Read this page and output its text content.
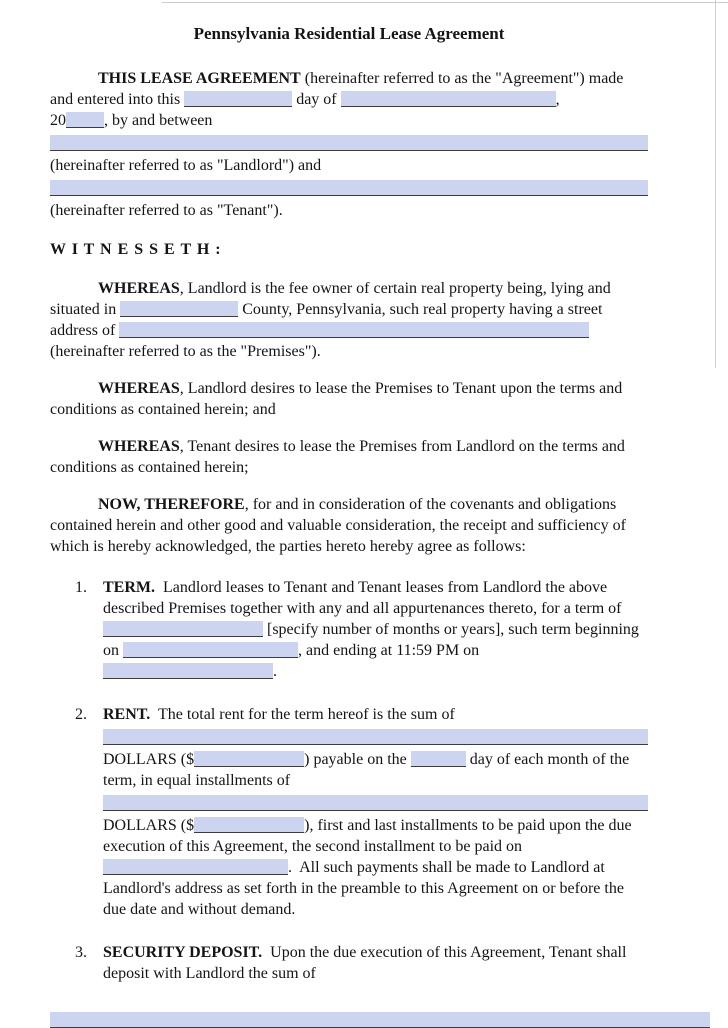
Pennsylvania Residential Lease Agreement

THIS LEASE AGREEMENT (hereinafter referred to as the "Agreement") made and entered into this	day of	,
20 , by and between
(hereinafter referred to as "Landlord") and
(hereinafter referred to as "Tenant").

W I T N E S S E T H :

WHEREAS, Landlord is the fee owner of certain real property being, lying and situated in	County, Pennsylvania, such real property having a street address of  (hereinafter referred to as the "Premises").

WHEREAS, Landlord desires to lease the Premises to Tenant upon the terms and conditions as contained herein; and

WHEREAS, Tenant desires to lease the Premises from Landlord on the terms and conditions as contained herein;

NOW, THEREFORE, for and in consideration of the covenants and obligations contained herein and other good and valuable consideration, the receipt and sufficiency of which is hereby acknowledged, the parties hereto hereby agree as follows:

1. TERM.  Landlord leases to Tenant and Tenant leases from Landlord the above described Premises together with any and all appurtenances thereto, for a term of  [specify number of months or years], such term beginning on	, and ending at 11:59 PM on .
2. RENT.  The total rent for the term hereof is the sum of
DOLLARS ($	) payable on the	day of each month of the term, in equal installments of
DOLLARS ($	), first and last installments to be paid upon the due execution of this Agreement, the second installment to be paid on .  All such payments shall be made to Landlord at Landlord's address as set forth in the preamble to this Agreement on or before the due date and without demand.
3. SECURITY DEPOSIT.  Upon the due execution of this Agreement, Tenant shall deposit with Landlord the sum of
